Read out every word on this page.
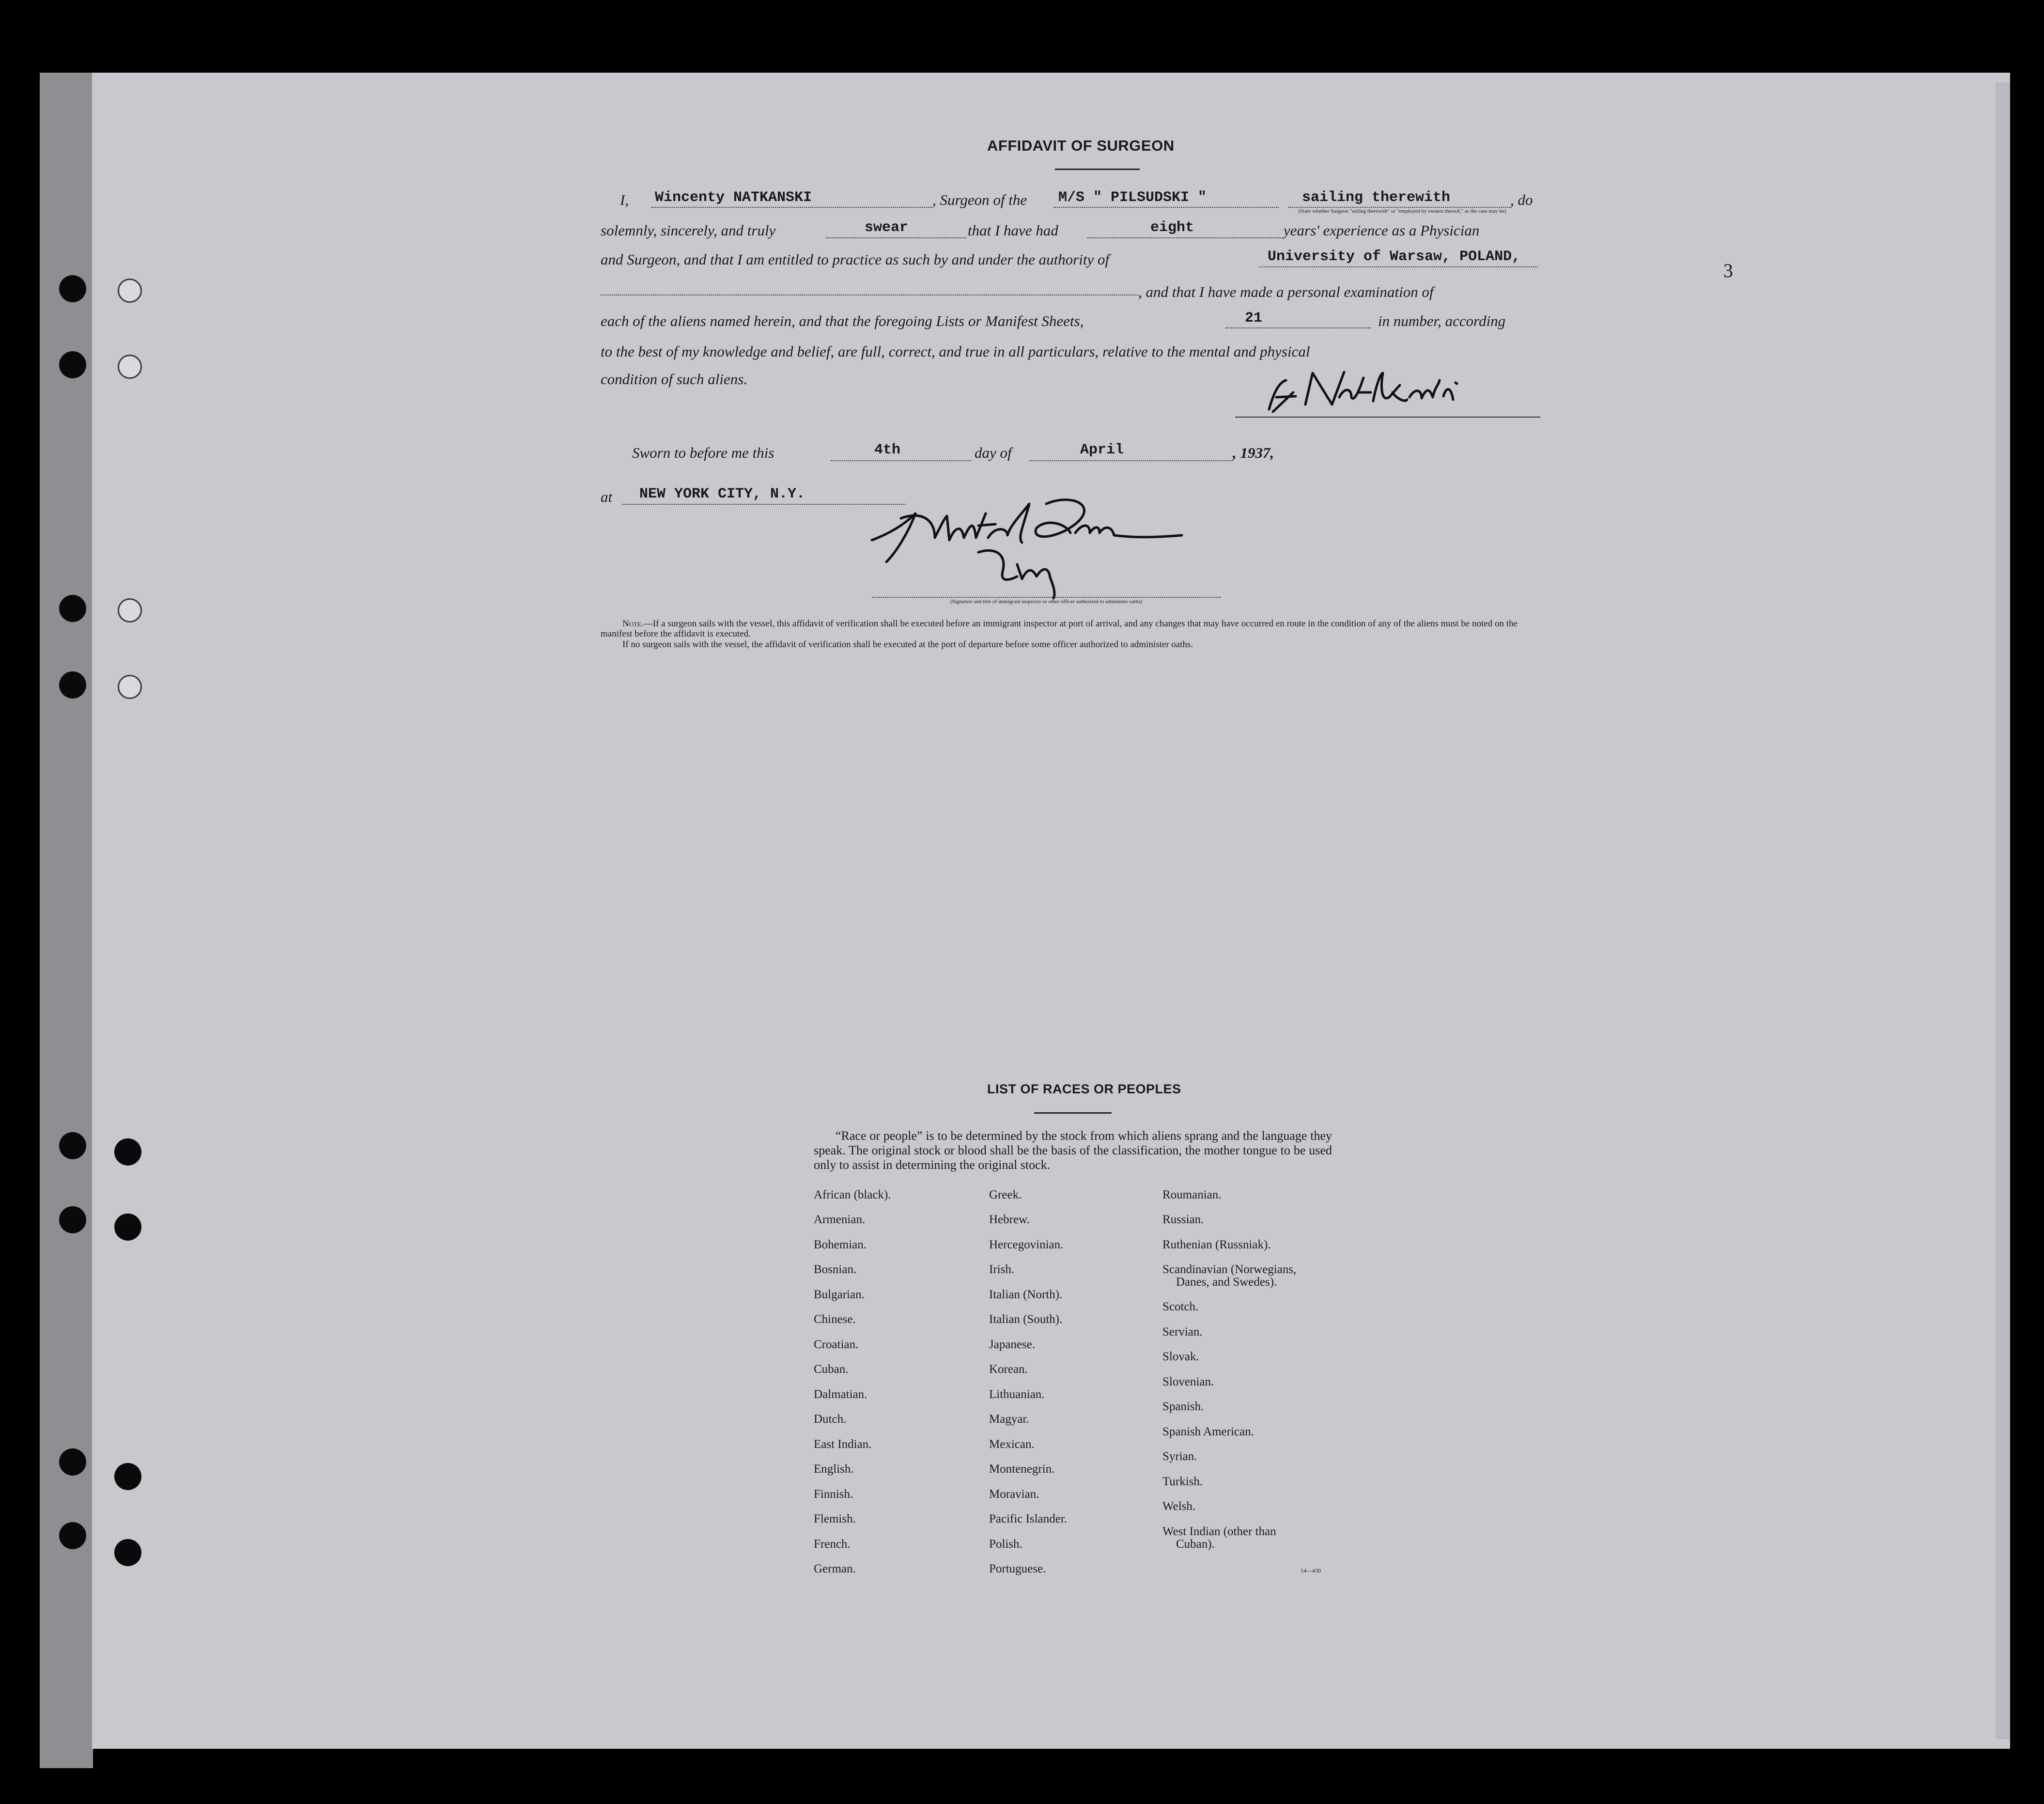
3
AFFIDAVIT OF SURGEON
I, Wincenty NATKANSKI	, Surgeon of the M/S " PILSUDSKI "	sailing therewith	, do
(State whether Surgeon "sailing therewith" or "employed by owners thereof," as the case may be)
solemnly, sincerely, and truly	swear	that I have had	eight	years' experience as a Physician
and Surgeon, and that I am entitled to practice as such by and under the authority of	University of Warsaw, POLAND,
, and that I have made a personal examination of
each of the aliens named herein, and that the foregoing Lists or Manifest Sheets,	21	in number, according
to the best of my knowledge and belief, are full, correct, and true in all particulars, relative to the mental and physical
condition of such aliens.
Sworn to before me this	4th	day of	April	, 1937,
at NEW YORK CITY, N.Y.
(Signature and title of immigrant inspector or other officer authorized to administer oaths)
Note.—If a surgeon sails with the vessel, this affidavit of verification shall be executed before an immigrant inspector at port of arrival, and any changes that may have occurred en route in the condition of any of the aliens must be noted on the manifest before the affidavit is executed.
If no surgeon sails with the vessel, the affidavit of verification shall be executed at the port of departure before some officer authorized to administer oaths.
LIST OF RACES OR PEOPLES
“Race or people” is to be determined by the stock from which aliens sprang and the language they speak. The original stock or blood shall be the basis of the classification, the mother tongue to be used only to assist in determining the original stock.
African (black).
Armenian.
Bohemian.
Bosnian.
Bulgarian.
Chinese.
Croatian.
Cuban.
Dalmatian.
Dutch.
East Indian.
English.
Finnish.
Flemish.
French.
German.
Greek.
Hebrew.
Hercegovinian.
Irish.
Italian (North).
Italian (South).
Japanese.
Korean.
Lithuanian.
Magyar.
Mexican.
Montenegrin.
Moravian.
Pacific Islander.
Polish.
Portuguese.
Roumanian.
Russian.
Ruthenian (Russniak).
Scandinavian (Norwegians,
Danes, and Swedes).
Scotch.
Servian.
Slovak.
Slovenian.
Spanish.
Spanish American.
Syrian.
Turkish.
Welsh.
West Indian (other than
Cuban).
14—430
